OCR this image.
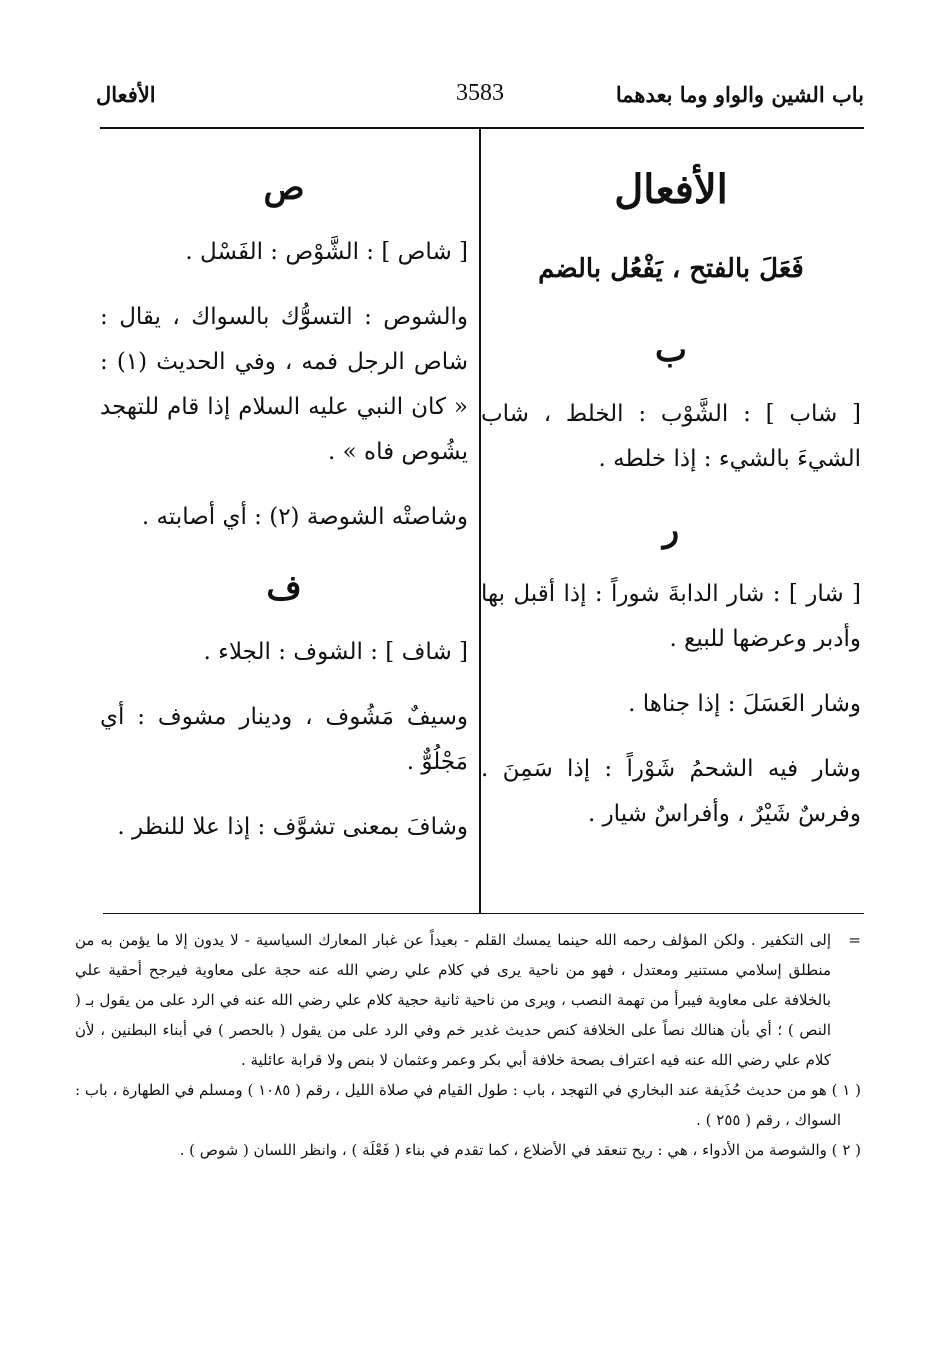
باب الشين والواو وما بعدهما
3583
الأفعال
الأفعال
فَعَلَ بالفتح ، يَفْعُل بالضم
ب

[ شاب ] : الشَّوْب : الخلط ، شاب الشيءَ بالشيء : إذا خلطه .

ر

[ شار ] : شار الدابةَ شوراً : إذا أقبل بها وأدبر وعرضها للبيع .

وشار العَسَلَ : إذا جناها .

وشار فيه الشحمُ شَوْراً : إذا سَمِنَ . وفرسٌ شَيْرٌ ، وأفراسٌ شيار .

ص

[ شاص ] : الشَّوْص : الفَسْل .

والشوص : التسوُّك بالسواك ، يقال : شاص الرجل فمه ، وفي الحديث (١) : « كان النبي عليه السلام إذا قام للتهجد يشُوص فاه » .

وشاصتْه الشوصة (٢) : أي أصابته .

ف

[ شاف ] : الشوف : الجلاء .

وسيفٌ مَشُوف ، ودينار مشوف : أي مَجْلُوٌّ .

وشافَ بمعنى تشوَّف : إذا علا للنظر .

=
إلى التكفير . ولكن المؤلف رحمه الله حينما يمسك القلم - بعيداً عن غبار المعارك السياسية - لا يدون إلا ما يؤمن به من منطلق إسلامي مستنير ومعتدل ، فهو من ناحية يرى في كلام علي رضي الله عنه حجة على معاوية فيرجح أحقية علي بالخلافة على معاوية فيبرأ من تهمة النصب ، ويرى من ناحية ثانية حجية كلام علي رضي الله عنه في الرد على من يقول بـ ( النص ) ؛ أي بأن هنالك نصاً على الخلافة كنص حديث غدير خم وفي الرد على من يقول ( بالحصر ) في أبناء البطنين ، لأن كلام علي رضي الله عنه فيه اعتراف بصحة خلافة أبي بكر وعمر وعثمان لا بنص ولا قرابة عائلية .

( ١ ) هو من حديث حُذَيفة عند البخاري في التهجد ، باب : طول القيام في صلاة الليل ، رقم ( ١٠٨٥ ) ومسلم في الطهارة ، باب : السواك ، رقم ( ٢٥٥ ) .

( ٢ ) والشوصة من الأدواء ، هي : ريح تنعقد في الأضلاع ، كما تقدم في بناء ( فَعْلَة ) ، وانظر اللسان ( شوص ) .
